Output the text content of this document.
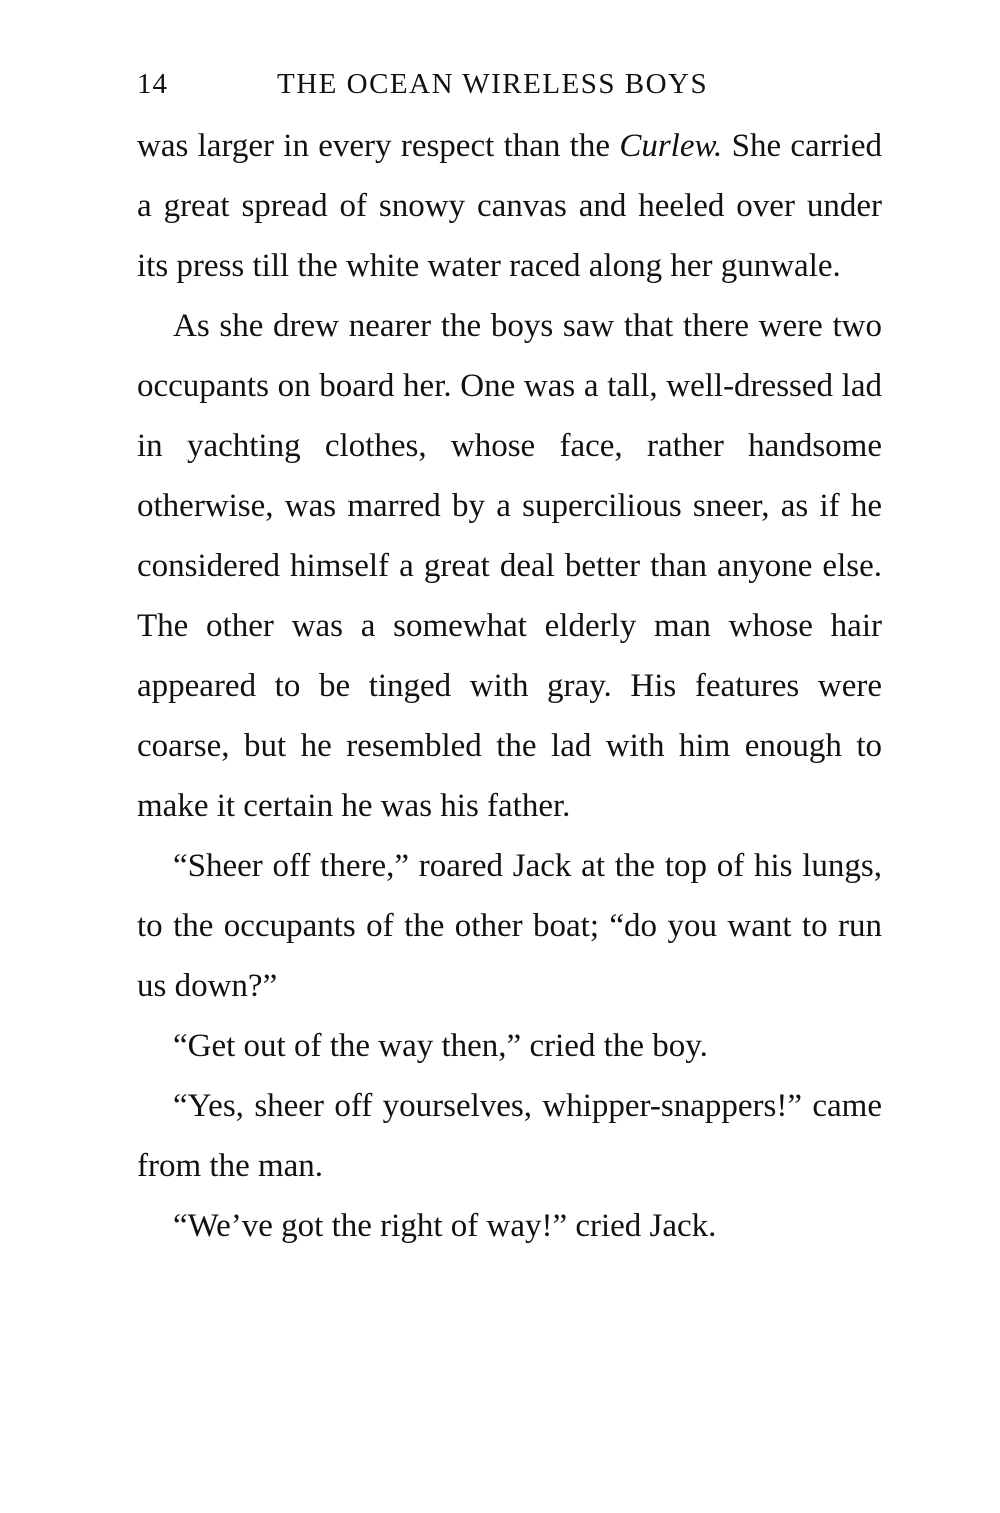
14	THE OCEAN WIRELESS BOYS

was larger in every respect than the Curlew. She carried a great spread of snowy canvas and heeled over under its press till the white water raced along her gunwale.

As she drew nearer the boys saw that there were two occupants on board her. One was a tall, well-dressed lad in yachting clothes, whose face, rather handsome otherwise, was marred by a supercilious sneer, as if he considered himself a great deal better than anyone else. The other was a somewhat elderly man whose hair appeared to be tinged with gray. His features were coarse, but he resembled the lad with him enough to make it certain he was his father.

“Sheer off there,” roared Jack at the top of his lungs, to the occupants of the other boat; “do you want to run us down?”

“Get out of the way then,” cried the boy.

“Yes, sheer off yourselves, whipper-snappers!” came from the man.

“We’ve got the right of way!” cried Jack.
